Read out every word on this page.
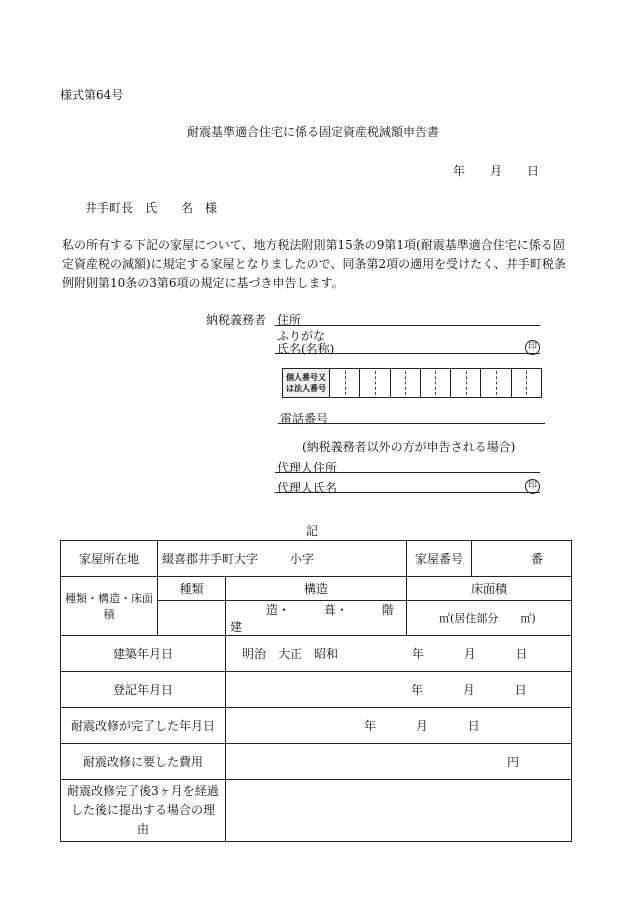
様式第64号
耐震基準適合住宅に係る固定資産税減額申告書
年 月 日
井手町長　氏　　名　様
私の所有する下記の家屋について、地方税法附則第15条の9第1項(耐震基準適合住宅に係る固
定資産税の減額)に規定する家屋となりましたので、同条第2項の適用を受けたく、井手町税条
例附則第10条の3第6項の規定に基づき申告します。
納税義務者 住所
ふりがな
氏名(名称)	印
個人番号又は法人番号
電話番号
(納税義務者以外の方が申告される場合)
代理人住所
代理人氏名	印
記
家屋所在地	綴喜郡井手町大字 小字		家屋番号	番
種類・構造・床面積	種類	構造	床面積	
		造・ 葺・ 階建	㎡(居住部分　　㎡)	
建築年月日		明治　大正　昭和 年 月 日		
登記年月日		年 月 日		
耐震改修が完了した年月日		年 月 日		
耐震改修に要した費用		円		
耐震改修完了後3ヶ月を経過した後に提出する場合の理由				
